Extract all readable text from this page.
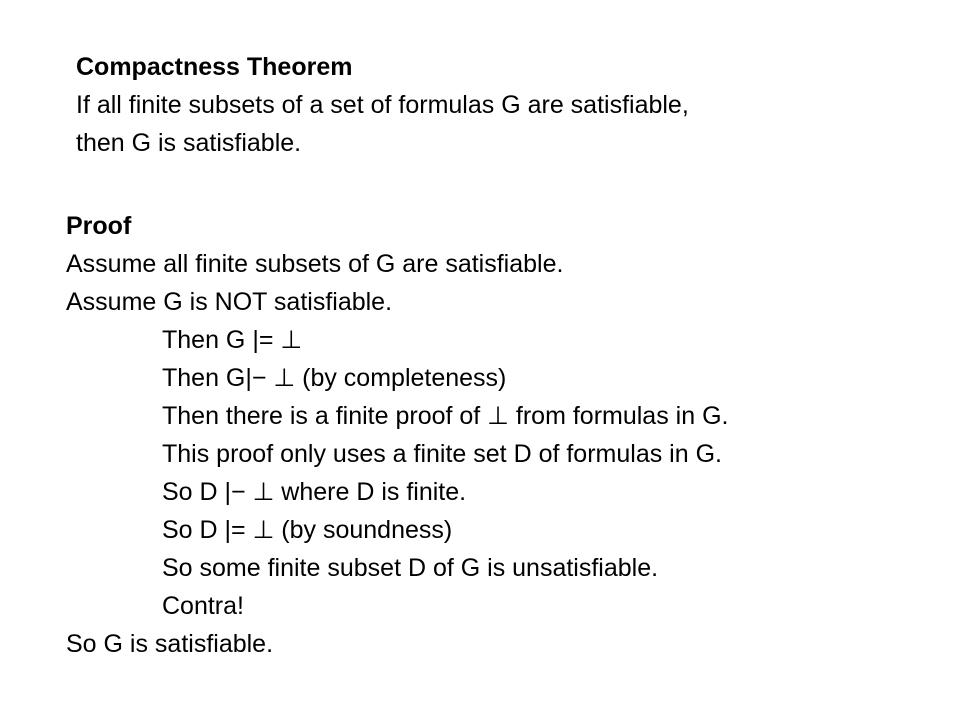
Compactness Theorem
If all finite subsets of a set of formulas G are satisfiable,
then G is satisfiable.
Proof
Assume all finite subsets of G are satisfiable.
Assume G is NOT satisfiable.
Then G |= ⊥
Then G|− ⊥ (by completeness)
Then there is a finite proof of ⊥ from formulas in G.
This proof only uses a finite set D of formulas in G.
So D |− ⊥ where D is finite.
So D |= ⊥ (by soundness)
So some finite subset D of G is unsatisfiable.
Contra!
So G is satisfiable.
